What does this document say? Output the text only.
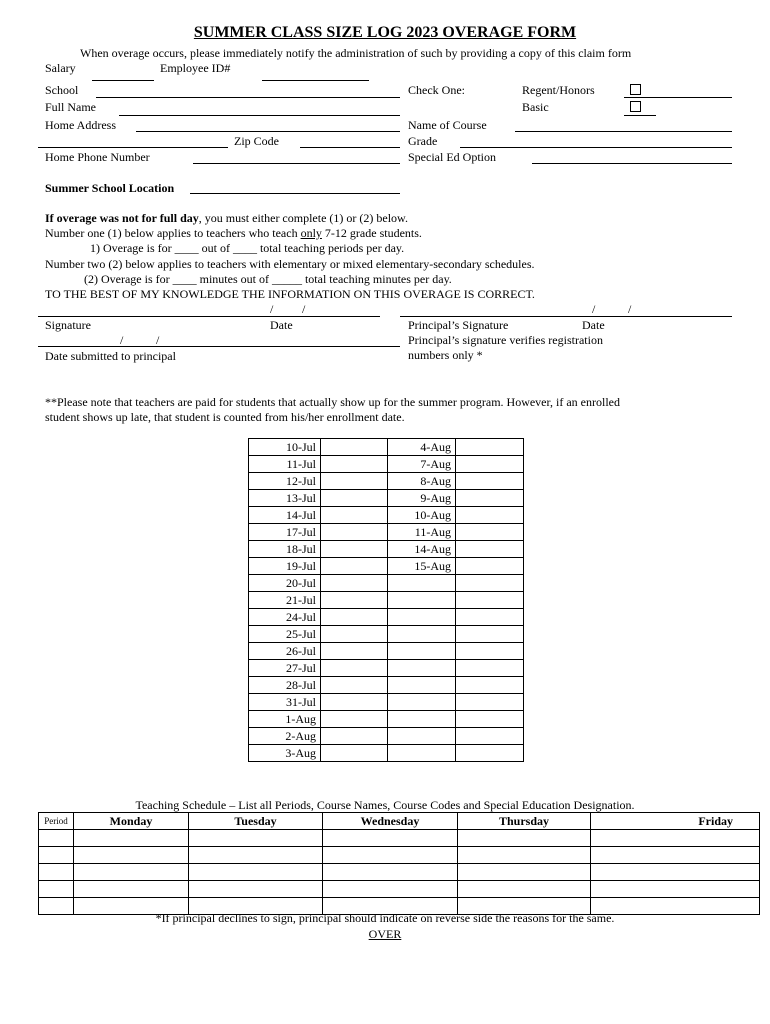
SUMMER CLASS SIZE LOG 2023 OVERAGE FORM
When overage occurs, please immediately notify the administration of such by providing a copy of this claim form
Salary	Employee ID#
School
Full Name
Home Address
Zip Code
Home Phone Number
Check One:	Regent/Honors
Basic
Name of Course
Grade
Special Ed Option
Summer School Location
If overage was not for full day, you must either complete (1) or (2) below.
Number one (1) below applies to teachers who teach only 7-12 grade students.
1) Overage is for ____ out of ____ total teaching periods per day.
Number two (2) below applies to teachers with elementary or mixed elementary-secondary schedules.
(2) Overage is for ____ minutes out of _____ total teaching minutes per day.
TO THE BEST OF MY KNOWLEDGE THE INFORMATION ON THIS OVERAGE IS CORRECT.
/ /	/	/
Signature	Date	Principal’s Signature	Date
Principal’s signature verifies registration
numbers only *
/	/
Date submitted to principal
**Please note that teachers are paid for students that actually show up for the summer program. However, if an enrolled
student shows up late, that student is counted from his/her enrollment date.
10-Jul		4-Aug	
11-Jul		7-Aug	
12-Jul		8-Aug	
13-Jul		9-Aug	
14-Jul		10-Aug	
17-Jul		11-Aug	
18-Jul		14-Aug	
19-Jul		15-Aug	
20-Jul			
21-Jul			
24-Jul			
25-Jul			
26-Jul			
27-Jul			
28-Jul			
31-Jul			
1-Aug			
2-Aug			
3-Aug			
Teaching Schedule – List all Periods, Course Names, Course Codes and Special Education Designation.
Period	Monday	Tuesday	Wednesday	Thursday	Friday

*If principal declines to sign, principal should indicate on reverse side the reasons for the same.
OVER
